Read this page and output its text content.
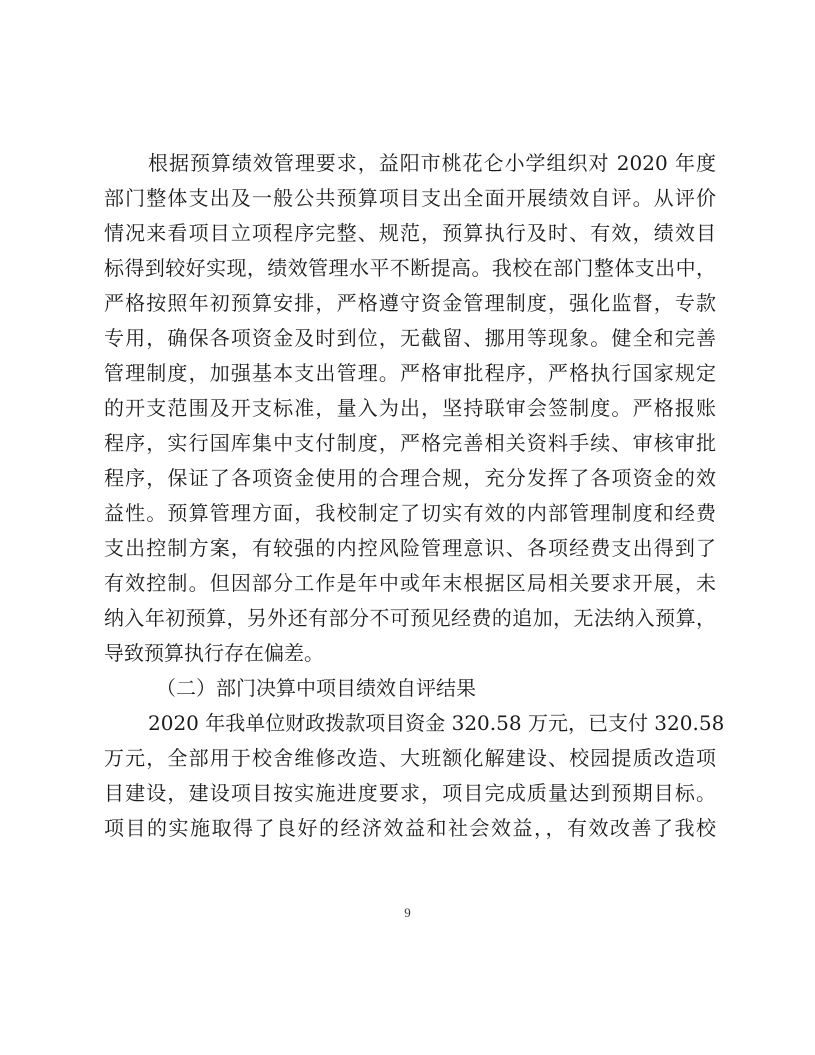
根据预算绩效管理要求，益阳市桃花仑小学组织对 2020 年度
部门整体支出及一般公共预算项目支出全面开展绩效自评。从评价
情况来看项目立项程序完整、规范，预算执行及时、有效，绩效目
标得到较好实现，绩效管理水平不断提高。我校在部门整体支出中，
严格按照年初预算安排，严格遵守资金管理制度，强化监督，专款
专用，确保各项资金及时到位，无截留、挪用等现象。健全和完善
管理制度，加强基本支出管理。严格审批程序，严格执行国家规定
的开支范围及开支标准，量入为出，坚持联审会签制度。严格报账
程序，实行国库集中支付制度，严格完善相关资料手续、审核审批
程序，保证了各项资金使用的合理合规，充分发挥了各项资金的效
益性。预算管理方面，我校制定了切实有效的内部管理制度和经费
支出控制方案，有较强的内控风险管理意识、各项经费支出得到了
有效控制。但因部分工作是年中或年末根据区局相关要求开展，未
纳入年初预算，另外还有部分不可预见经费的追加，无法纳入预算，
导致预算执行存在偏差。
（二）部门决算中项目绩效自评结果
2020 年我单位财政拨款项目资金 320.58 万元，已支付 320.58
万元，全部用于校舍维修改造、大班额化解建设、校园提质改造项
目建设，建设项目按实施进度要求，项目完成质量达到预期目标。
项目的实施取得了良好的经济效益和社会效益，，有效改善了我校
9
